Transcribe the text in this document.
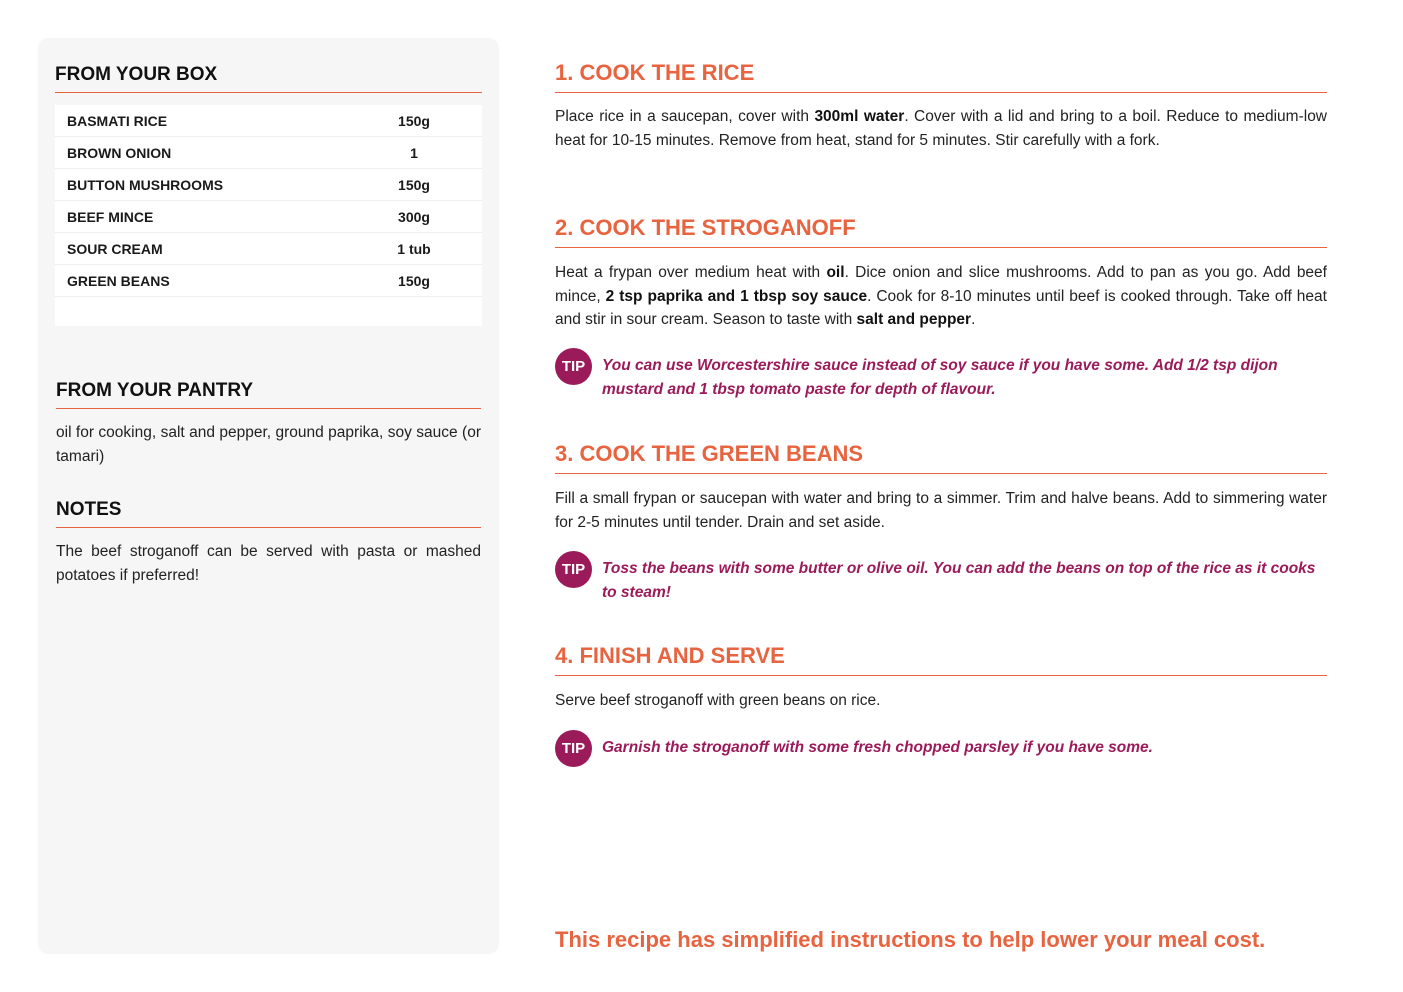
FROM YOUR BOX
BASMATI RICE	150g
BROWN ONION	1
BUTTON MUSHROOMS	150g
BEEF MINCE	300g
SOUR CREAM	1 tub
GREEN BEANS	150g
FROM YOUR PANTRY
oil for cooking, salt and pepper, ground paprika, soy sauce (or tamari)
NOTES
The beef stroganoff can be served with pasta or mashed potatoes if preferred!
1. COOK THE RICE
Place rice in a saucepan, cover with 300ml water. Cover with a lid and bring to a boil. Reduce to medium-low heat for 10-15 minutes. Remove from heat, stand for 5 minutes. Stir carefully with a fork.
2. COOK THE STROGANOFF
Heat a frypan over medium heat with oil. Dice onion and slice mushrooms. Add to pan as you go. Add beef mince, 2 tsp paprika and 1 tbsp soy sauce. Cook for 8-10 minutes until beef is cooked through. Take off heat and stir in sour cream. Season to taste with salt and pepper.
TIP	You can use Worcestershire sauce instead of soy sauce if you have some. Add 1/2 tsp dijon mustard and 1 tbsp tomato paste for depth of flavour.
3. COOK THE GREEN BEANS
Fill a small frypan or saucepan with water and bring to a simmer. Trim and halve beans. Add to simmering water for 2-5 minutes until tender. Drain and set aside.
TIP	Toss the beans with some butter or olive oil. You can add the beans on top of the rice as it cooks to steam!
4. FINISH AND SERVE
Serve beef stroganoff with green beans on rice.
TIP	Garnish the stroganoff with some fresh chopped parsley if you have some.
This recipe has simplified instructions to help lower your meal cost.
